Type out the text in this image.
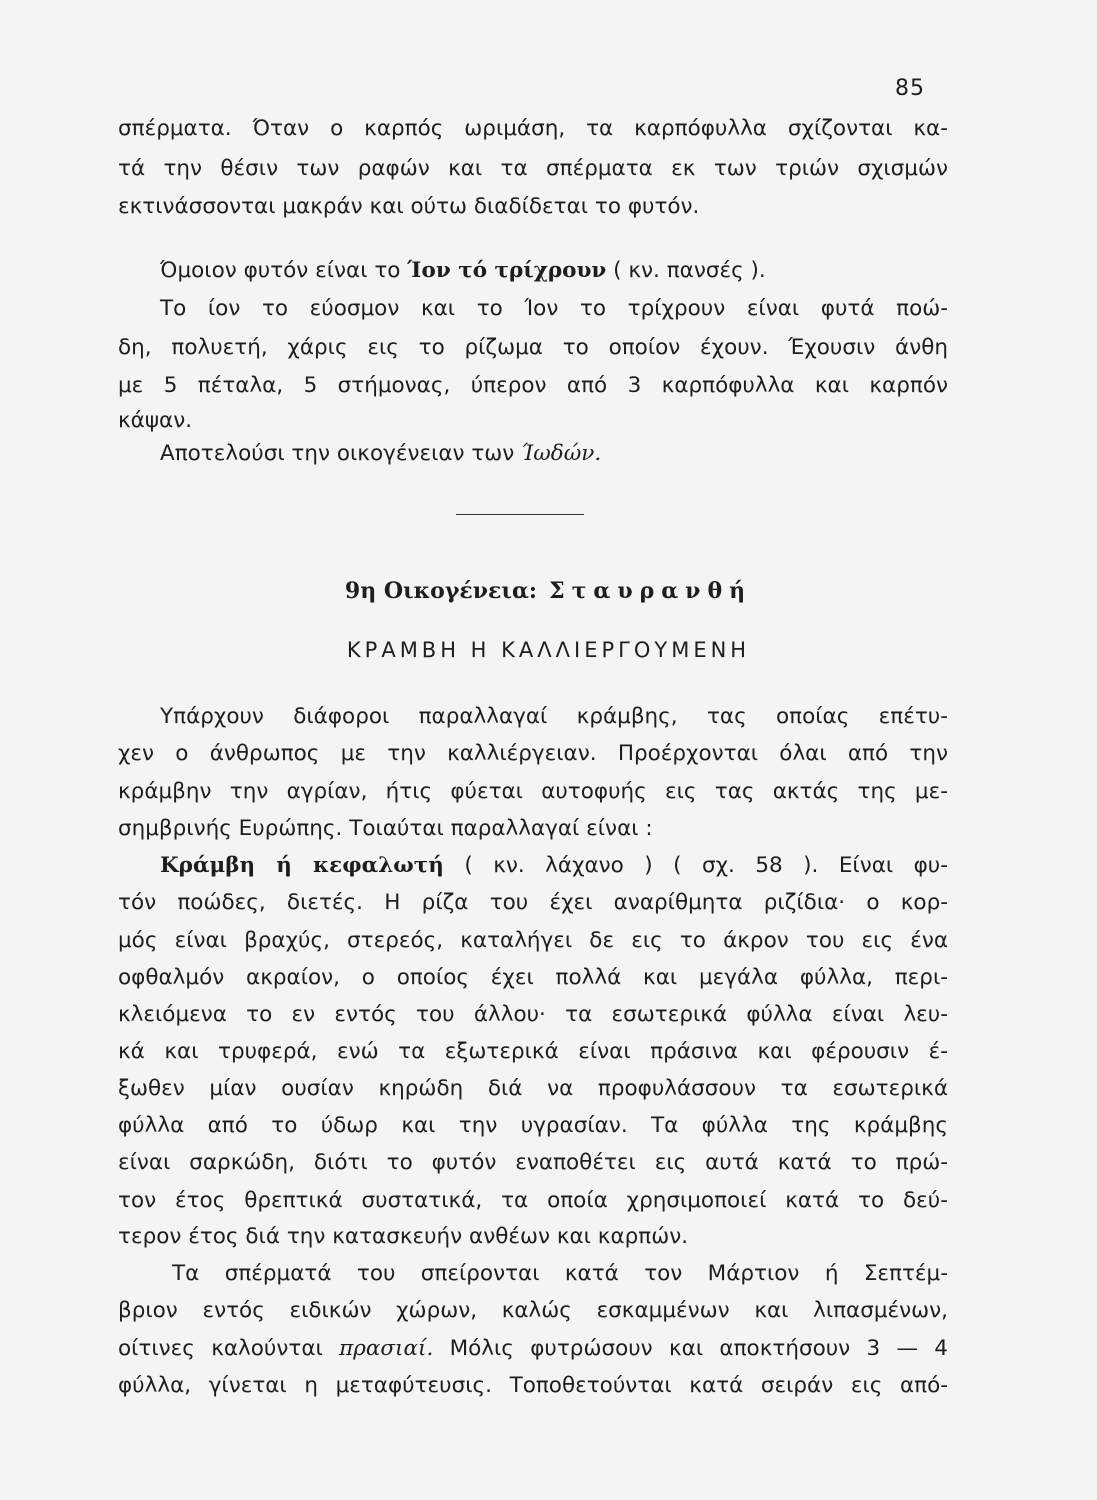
85
σπέρματα. Όταν ο καρπός ωριμάση, τα καρπόφυλλα σχίζονται κα-
τά την θέσιν των ραφών και τα σπέρματα εκ των τριών σχισμών
εκτινάσσονται μακράν και ούτω διαδίδεται το φυτόν.
Όμοιον φυτόν είναι το Ίον τό τρίχρουν ( κν. πανσές ).
Το ίον το εύοσμον και το Ίον το τρίχρουν είναι φυτά ποώ-
δη, πολυετή, χάρις εις το ρίζωμα το οποίον έχουν. Έχουσιν άνθη
με 5 πέταλα, 5 στήμονας, ύπερον από 3 καρπόφυλλα και καρπόν
κάψαν.
Αποτελούσι την οικογένειαν των Ίωδών.
9η Οικογένεια: Σταυρανθή
ΚΡΑΜΒΗ Η ΚΑΛΛΙΕΡΓΟΥΜΕΝΗ
Υπάρχουν διάφοροι παραλλαγαί κράμβης, τας οποίας επέτυ-
χεν ο άνθρωπος με την καλλιέργειαν. Προέρχονται όλαι από την
κράμβην την αγρίαν, ήτις φύεται αυτοφυής εις τας ακτάς της με-
σημβρινής Ευρώπης. Τοιαύται παραλλαγαί είναι :
Κράμβη ή κεφαλωτή ( κν. λάχανο ) ( σχ. 58 ). Είναι φυ-
τόν ποώδες, διετές. Η ρίζα του έχει αναρίθμητα ριζίδια· ο κορ-
μός είναι βραχύς, στερεός, καταλήγει δε εις το άκρον του εις ένα
οφθαλμόν ακραίον, ο οποίος έχει πολλά και μεγάλα φύλλα, περι-
κλειόμενα το εν εντός του άλλου· τα εσωτερικά φύλλα είναι λευ-
κά και τρυφερά, ενώ τα εξωτερικά είναι πράσινα και φέρουσιν έ-
ξωθεν μίαν ουσίαν κηρώδη διά να προφυλάσσουν τα εσωτερικά
φύλλα από το ύδωρ και την υγρασίαν. Τα φύλλα της κράμβης
είναι σαρκώδη, διότι το φυτόν εναποθέτει εις αυτά κατά το πρώ-
τον έτος θρεπτικά συστατικά, τα οποία χρησιμοποιεί κατά το δεύ-
τερον έτος διά την κατασκευήν ανθέων και καρπών.
Τα σπέρματά του σπείρονται κατά τον Μάρτιον ή Σεπτέμ-
βριον εντός ειδικών χώρων, καλώς εσκαμμένων και λιπασμένων,
οίτινες καλούνται πρασιαί. Μόλις φυτρώσουν και αποκτήσουν 3 — 4
φύλλα, γίνεται η μεταφύτευσις. Τοποθετούνται κατά σειράν εις από-
